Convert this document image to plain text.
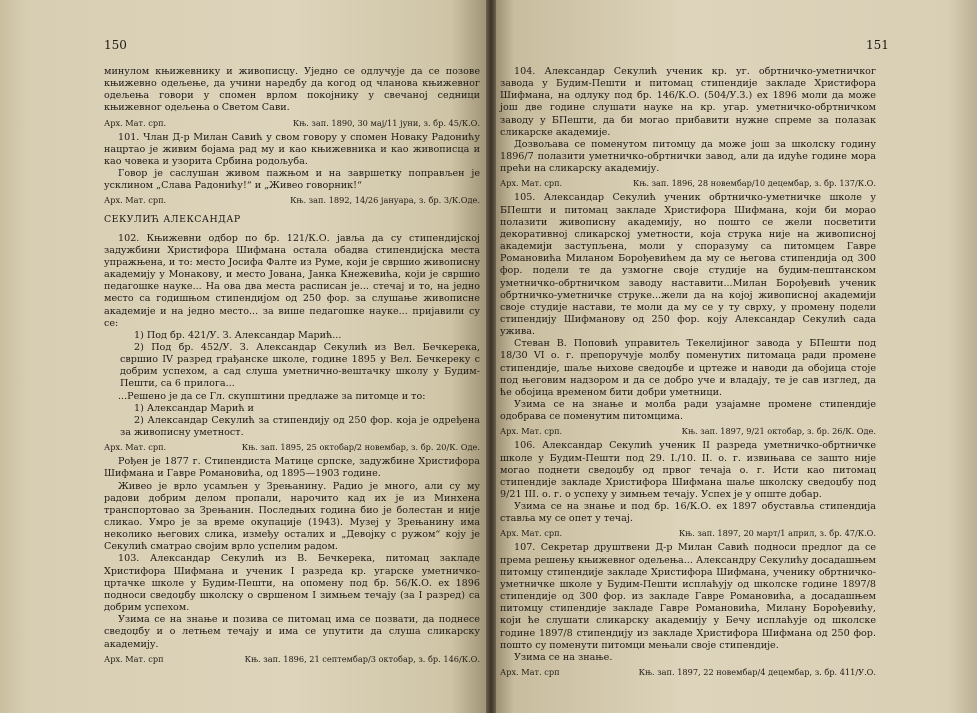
150

минулом књижевнику и живописцу. Уједно се одлучује да се позове књижевно одељење, да учини наредбу да когод од чланова књижевног одељења говори у спомен врлом покојнику у свечаној седници књижевног одељења о Светом Сави.

Арх. Мат. срп.	Књ. зап. 1890, 30 мај/11 јуни, з. бр. 45/К.О.

101. Члан Д-р Милан Савић у свом говору у спомен Новаку Радонићу нацртао је живим бојама рад му и као књижевника и као живописца и као човека и узорита Србина родољуба.

Говор је саслушан живом пажњом и на завршетку поправљен је усклином „Слава Радонићу!“ и „Живео говорник!“

Арх. Мат. срп.	Књ. зап. 1892, 14/26 јануара, з. бр. 3/К.Оде.
СЕКУЛИЋ АЛЕКСАНДАР

102. Књижевни одбор по бр. 121/К.О. јавља да су стипендијској задужбини Христифора Шифмана остала обадва стипендијска места упражњена, и то: место Јосифа Фалте из Руме, који је свршио живописну академију у Монакову, и место Јована, Јанка Кнежевића, који је свршио педагошке науке... На ова два места расписан је... стечај и то, на једно место са годишњом стипендијом од 250 фор. за слушање живописне академије и на једно место... за више педагошке науке... пријавили су се:

1) Под бр. 421/У. З. Александар Марић...

2) Под бр. 452/У. З. Александар Секулић из Вел. Бечкерека, свршио IV разред грађанске школе, године 1895 у Вел. Бечкереку с добрим успехом, а сад слуша уметнично-вештачку школу у Будим-Пешти, са 6 прилога...

...Решено је да се Гл. скупштини предлаже за питомце и то:

1) Александар Марић и

2) Александар Секулић за стипендију од 250 фор. која је одређена за живописну уметност.

Арх. Мат. срп.	Књ. зап. 1895, 25 октобар/2 новембар, з. бр. 20/К. Оде.

Рођен је 1877 г. Стипендиста Матице српске, задужбине Христифора Шифмана и Гавре Романовића, од 1895—1903 године.

Живео је врло усамљен у Зрењанину. Радио је много, али су му радови добрим делом пропали, нарочито кад их је из Минхена транспортовао за Зрењанин. Последњих година био је болестан и није сликао. Умро је за време окупације (1943). Музеј у Зрењанину има неколико његових слика, између осталих и „Девојку с ружом“ коју је Секулић сматрао својим врло успелим радом.

103. Александар Секулић из В. Бечкерека, питомац закладе Христифора Шифмана и ученик I разреда кр. угарске уметничко-цртачке школе у Будим-Пешти, на опомену под бр. 56/К.О. ех 1896 подноси сведоџбу школску о свршеном I зимњем течају (за I разред) са добрим успехом.

Узима се на знање и позива се питомац има се позвати, да поднесе сведоџбу и о летњем течају и има се упутити да слуша сликарску академију.

Арх. Мат. срп	Књ. зап. 1896, 21 септембар/3 октобар, з. бр. 146/К.О.
151

104. Александар Секулић ученик кр. уг. обртничко-уметничког завода у Будим-Пешти и питомац стипендије закладе Христифора Шифмана, на одлуку под бр. 146/К.О. (504/У.З.) ех 1896 моли да може још две године слушати науке на кр. угар. уметничко-обртничком заводу у БПешти, да би могао прибавити нужне спреме за полазак сликарске академије.

Дозвољава се поменутом питомцу да може још за школску годину 1896/7 полазити уметничко-обртнички завод, али да идуће године мора прећи на сликарску академију.

Арх. Мат. срп.	Књ. зап. 1896, 28 новембар/10 децембар, з. бр. 137/К.О.

105. Александар Секулић ученик обртничко-уметничке школе у БПешти и питомац закладе Христифора Шифмана, који би морао полазити живописну академију, но пошто се жели посветити декоративној сликарској уметности, која струка није на живописној академији заступљена, моли у споразуму са питомцем Гавре Романовића Миланом Борођевићем да му се његова стипендија од 300 фор. подели те да узмогне своје студије на будим-пештанском уметничко-обртничком заводу наставити...Милан Борођевић ученик обртничко-уметничке струке...жели да на којој живописној академији своје студије настави, те моли да му се у ту сврху, у промену подели стипендију Шифманову од 250 фор. коју Александар Секулић сада ужива.

Стеван В. Поповић управитељ Текелијиног завода у БПешти под 18/30 VI о. г. препоручује молбу поменутих питомаца ради промене стипендије, шаље њихове сведоџбе и цртеже и наводи да обојица стоје под његовим надзором и да се добро уче и владају, те је сав изглед, да ће обојица временом бити добри уметници.

Узима се на знање и молба ради узајамне промене стипендије одобрава се поменутим питомцима.

Арх. Мат. срп.	Књ. зап. 1897, 9/21 октобар, з. бр. 26/К. Оде.

106. Александар Секулић ученик II разреда уметничко-обртничке школе у Будим-Пешти под 29. I./10. II. о. г. извињава се зашто није могао поднети сведоџбу од првог течаја о. г. Исти као питомац стипендије закладе Христифора Шифмана шаље школску сведоџбу под 9/21 III. о. г. о успеху у зимњем течају. Успех је у опште добар.

Узима се на знање и под бр. 16/К.О. ех 1897 обуставља стипендија ставља му се опет у течај.

Арх. Мат. срп.	Књ. зап. 1897, 20 март/1 април, з. бр. 47/К.О.

107. Секретар друштвени Д-р Милан Савић подноси предлог да се према решењу књижевног одељења... Александру Секулићу досадашњем питомцу стипендије закладе Христифора Шифмана, ученику обртничко-уметничке школе у Будим-Пешти исплаћују од школске године 1897/8 стипендије од 300 фор. из закладе Гавре Романовића, а досадашњем питомцу стипендије закладе Гавре Романовића, Милану Борођевићу, који ће слушати сликарску академију у Бечу исплаћује од школске године 1897/8 стипендију из закладе Христифора Шифмана од 250 фор. пошто су поменути питомци мењали своје стипендије.

Узима се на знање.

Арх. Мат. срп	Књ. зап. 1897, 22 новембар/4 децембар, з. бр. 411/У.О.
